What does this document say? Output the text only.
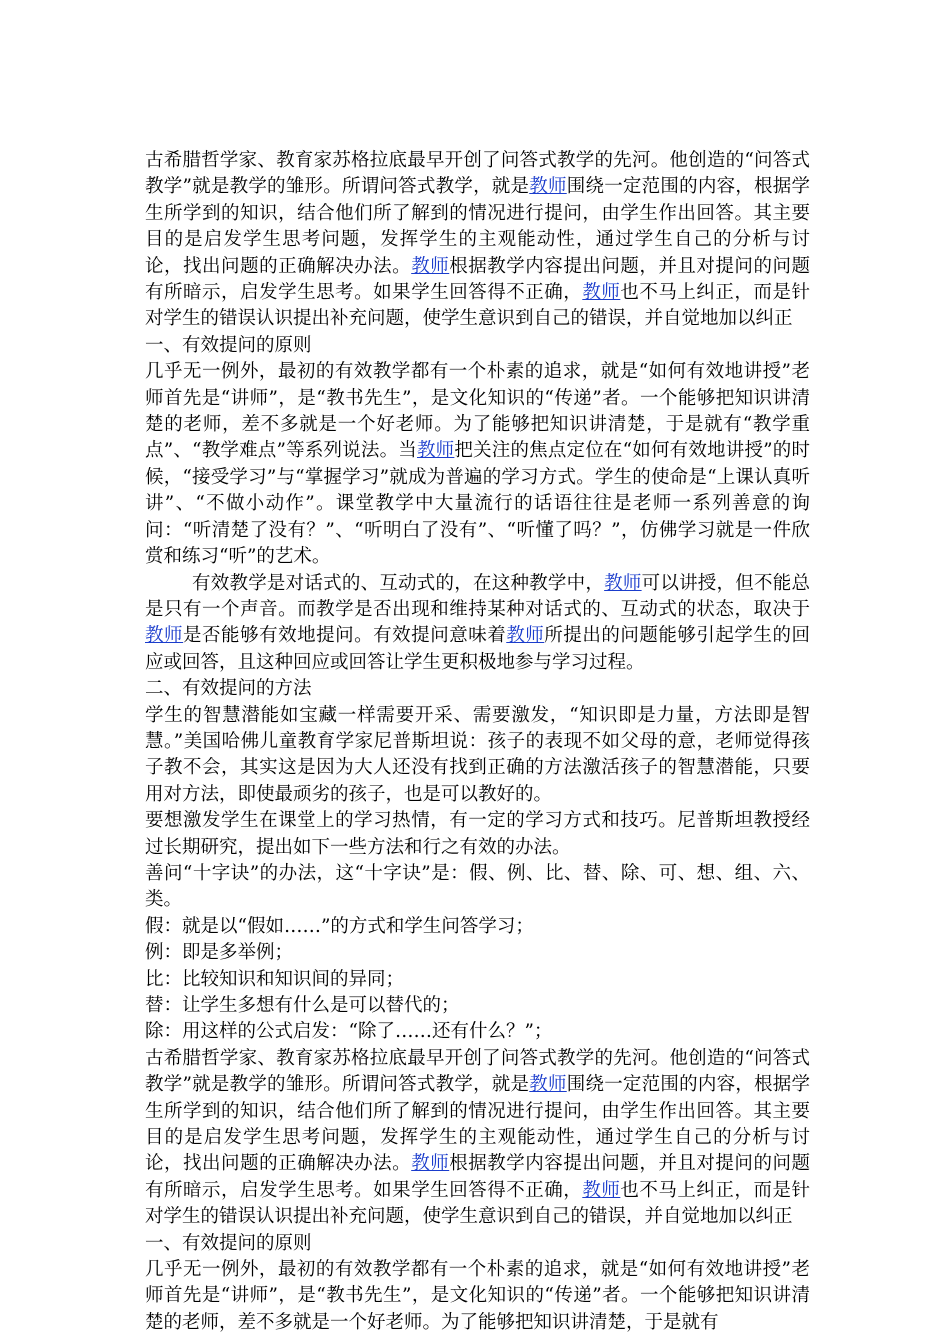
古希腊哲学家、教育家苏格拉底最早开创了问答式教学的先河。他创造的“问答式教学”就是教学的雏形。所谓问答式教学，就是教师围绕一定范围的内容，根据学生所学到的知识，结合他们所了解到的情况进行提问，由学生作出回答。其主要目的是启发学生思考问题，发挥学生的主观能动性，通过学生自己的分析与讨论，找出问题的正确解决办法。教师根据教学内容提出问题，并且对提问的问题有所暗示，启发学生思考。如果学生回答得不正确，教师也不马上纠正，而是针对学生的错误认识提出补充问题，使学生意识到自己的错误，并自觉地加以纠正

一、有效提问的原则

几乎无一例外，最初的有效教学都有一个朴素的追求，就是“如何有效地讲授”老师首先是“讲师”，是“教书先生”，是文化知识的“传递”者。一个能够把知识讲清楚的老师，差不多就是一个好老师。为了能够把知识讲清楚，于是就有“教学重点”、“教学难点”等系列说法。当教师把关注的焦点定位在“如何有效地讲授”的时候，“接受学习”与“掌握学习”就成为普遍的学习方式。学生的使命是“上课认真听讲”、“不做小动作”。课堂教学中大量流行的话语往往是老师一系列善意的询问：“听清楚了没有？”、“听明白了没有”、“听懂了吗？”，仿佛学习就是一件欣赏和练习“听”的艺术。

有效教学是对话式的、互动式的，在这种教学中，教师可以讲授，但不能总是只有一个声音。而教学是否出现和维持某种对话式的、互动式的状态，取决于教师是否能够有效地提问。有效提问意味着教师所提出的问题能够引起学生的回应或回答，且这种回应或回答让学生更积极地参与学习过程。

二、有效提问的方法

学生的智慧潜能如宝藏一样需要开采、需要激发，“知识即是力量，方法即是智慧。”美国哈佛儿童教育学家尼普斯坦说：孩子的表现不如父母的意，老师觉得孩子教不会，其实这是因为大人还没有找到正确的方法激活孩子的智慧潜能，只要用对方法，即使最顽劣的孩子，也是可以教好的。

要想激发学生在课堂上的学习热情，有一定的学习方式和技巧。尼普斯坦教授经过长期研究，提出如下一些方法和行之有效的办法。

善问“十字诀”的办法，这“十字诀”是：假、例、比、替、除、可、想、组、六、类。

假：就是以“假如……”的方式和学生问答学习；

例：即是多举例；

比：比较知识和知识间的异同；

替：让学生多想有什么是可以替代的；

除：用这样的公式启发：“除了……还有什么？”；

古希腊哲学家、教育家苏格拉底最早开创了问答式教学的先河。他创造的“问答式教学”就是教学的雏形。所谓问答式教学，就是教师围绕一定范围的内容，根据学生所学到的知识，结合他们所了解到的情况进行提问，由学生作出回答。其主要目的是启发学生思考问题，发挥学生的主观能动性，通过学生自己的分析与讨论，找出问题的正确解决办法。教师根据教学内容提出问题，并且对提问的问题有所暗示，启发学生思考。如果学生回答得不正确，教师也不马上纠正，而是针对学生的错误认识提出补充问题，使学生意识到自己的错误，并自觉地加以纠正

一、有效提问的原则

几乎无一例外，最初的有效教学都有一个朴素的追求，就是“如何有效地讲授”老师首先是“讲师”，是“教书先生”，是文化知识的“传递”者。一个能够把知识讲清楚的老师，差不多就是一个好老师。为了能够把知识讲清楚，于是就有
